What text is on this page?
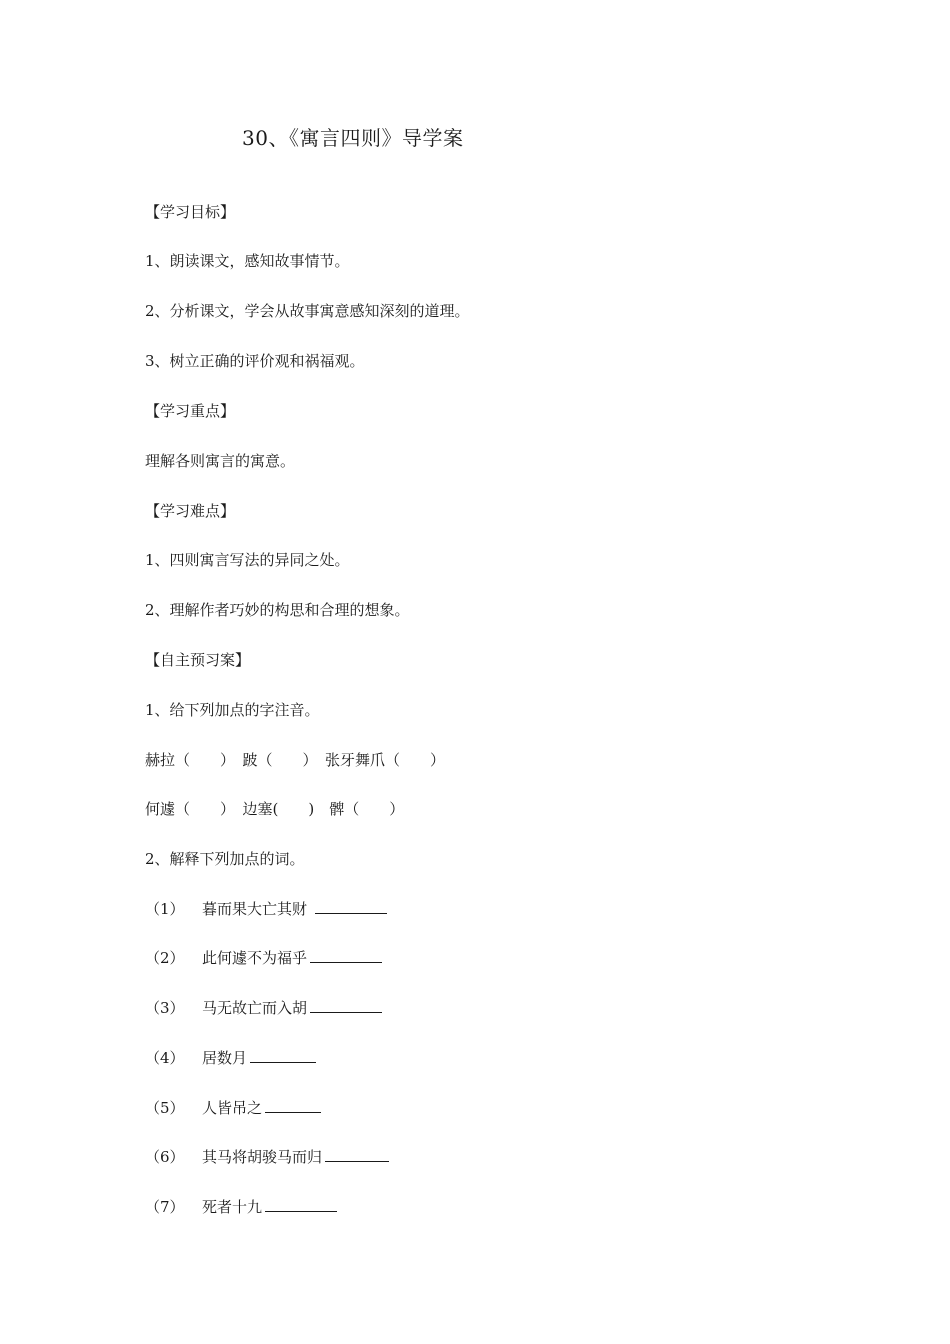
30、《寓言四则》导学案
【学习目标】
1、朗读课文，感知故事情节。
2、分析课文，学会从故事寓意感知深刻的道理。
3、树立正确的评价观和祸福观。
【学习重点】
理解各则寓言的寓意。
【学习难点】
1、四则寓言写法的异同之处。
2、理解作者巧妙的构思和合理的想象。
【自主预习案】
1、给下列加点的字注音。
赫拉（　　）　跛（　　）　张牙舞爪（　　）
何遽（　　）　边塞(　　)　髀（　　）
2、解释下列加点的词。
（1） 暮而果大亡其财
（2） 此何遽不为福乎
（3） 马无故亡而入胡
（4） 居数月
（5） 人皆吊之
（6） 其马将胡骏马而归
（7） 死者十九
